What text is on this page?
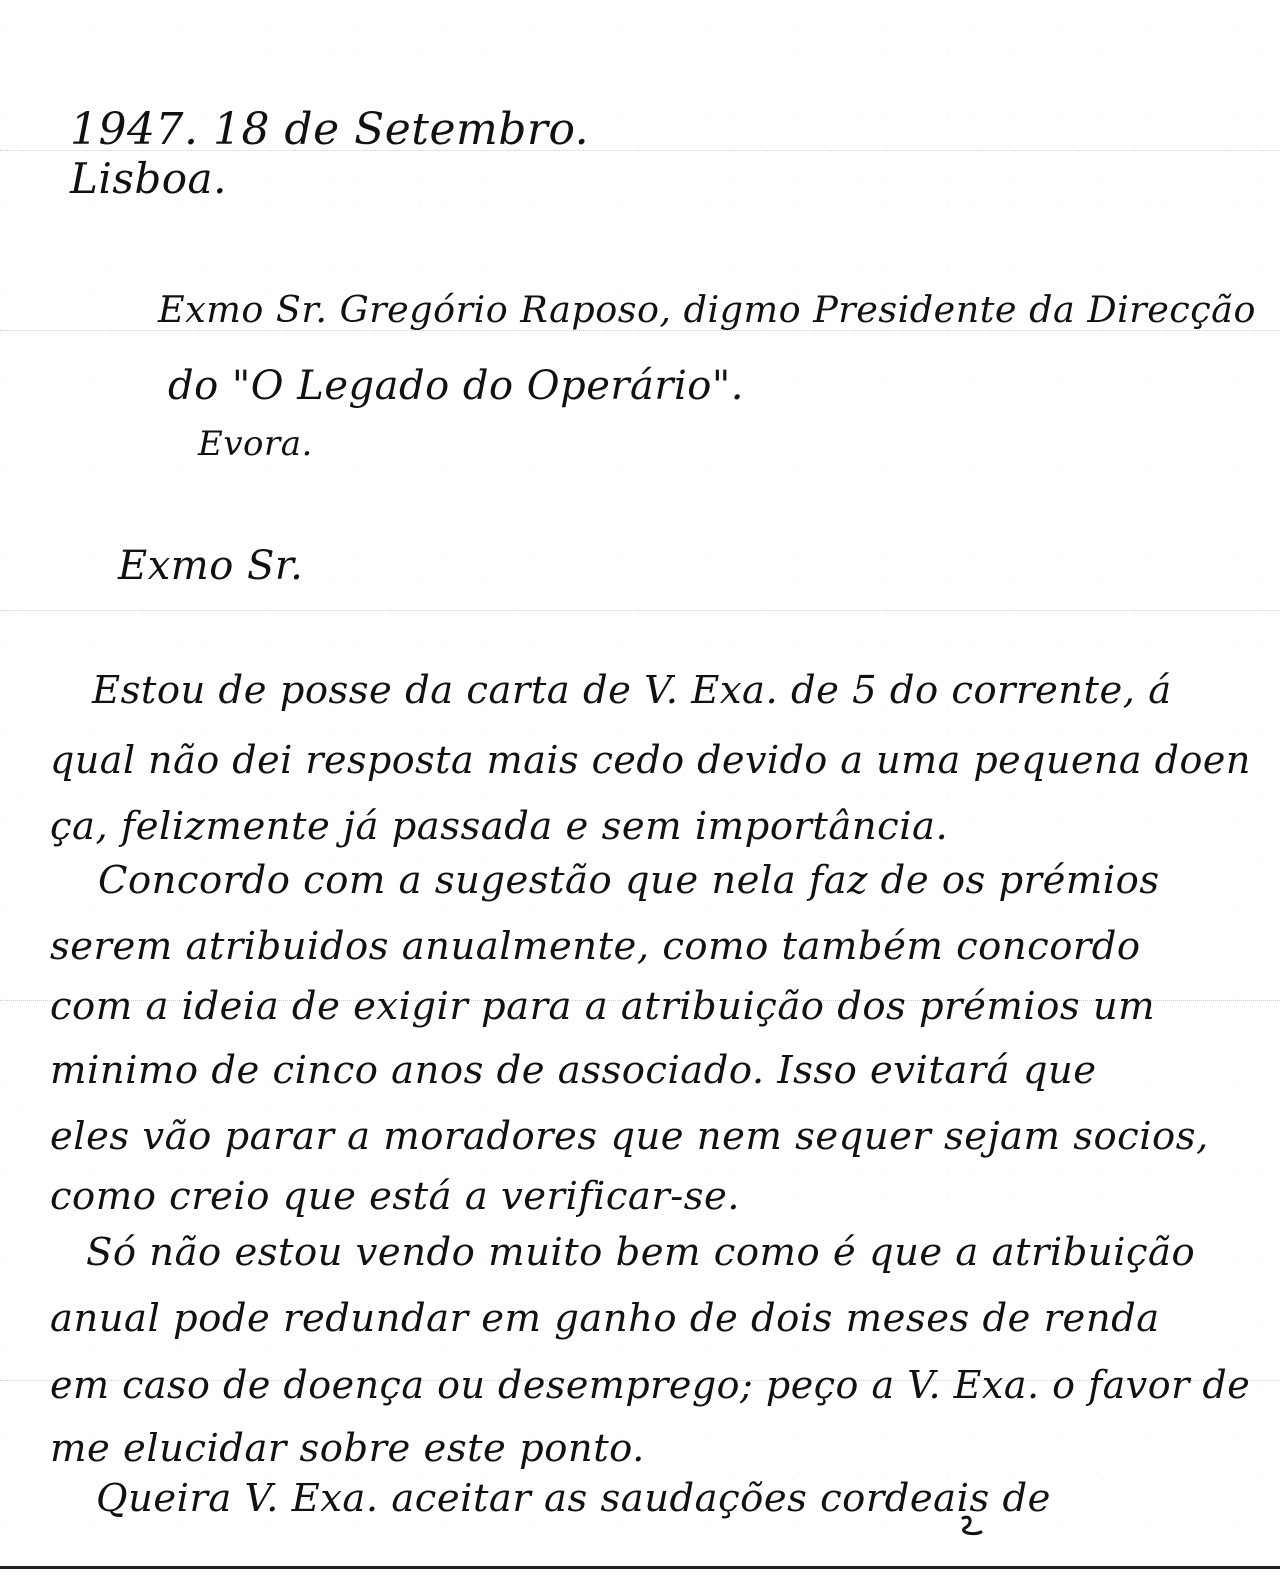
1947. 18 de Setembro.
Lisboa.
Exmo Sr. Gregório Raposo, digmo Presidente da Direcção
do "O Legado do Operário".
Evora.
Exmo Sr.
Estou de posse da carta de V. Exa. de 5 do corrente, á
qual não dei resposta mais cedo devido a uma pequena doen
ça, felizmente já passada e sem importância.
Concordo com a sugestão que nela faz de os prémios
serem atribuidos anualmente, como também concordo
com a ideia de exigir para a atribuição dos prémios um
minimo de cinco anos de associado. Isso evitará que
eles vão parar a moradores que nem sequer sejam socios,
como creio que está a verificar-se.
Só não estou vendo muito bem como é que a atribuição
anual pode redundar em ganho de dois meses de renda
em caso de doença ou desemprego; peço a V. Exa. o favor de
me elucidar sobre este ponto.
Queira V. Exa. aceitar as saudações cordeais de
